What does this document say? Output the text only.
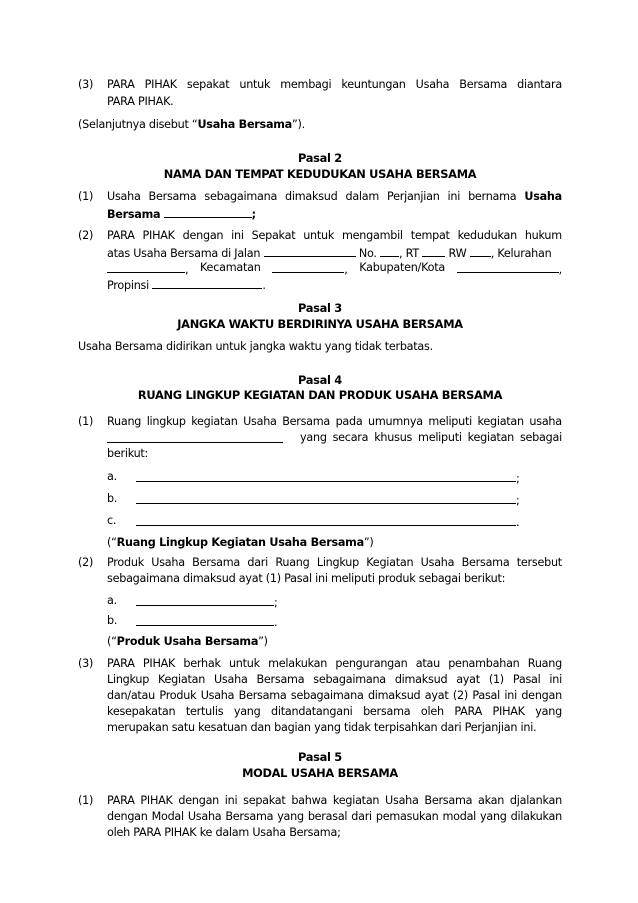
(3) PARA PIHAK sepakat untuk membagi keuntungan Usaha Bersama diantara
PARA PIHAK.
(Selanjutnya disebut “Usaha Bersama”).
Pasal 2
NAMA DAN TEMPAT KEDUDUKAN USAHA BERSAMA
(1) Usaha Bersama sebagaimana dimaksud dalam Perjanjian ini bernama Usaha
Bersama	;
(2) PARA PIHAK dengan ini Sepakat untuk mengambil tempat kedudukan hukum
atas Usaha Bersama di Jalan	No. , RT	RW , Kelurahan
, Kecamatan	, Kabupaten/Kota	,
Propinsi	.
Pasal 3
JANGKA WAKTU BERDIRINYA USAHA BERSAMA
Usaha Bersama didirikan untuk jangka waktu yang tidak terbatas.
Pasal 4
RUANG LINGKUP KEGIATAN DAN PRODUK USAHA BERSAMA
(1) Ruang lingkup kegiatan Usaha Bersama pada umumnya meliputi kegiatan usaha
yang secara khusus meliputi kegiatan sebagai
berikut:
a.	;
b.	;
c.	.
(“Ruang Lingkup Kegiatan Usaha Bersama”)
(2) Produk Usaha Bersama dari Ruang Lingkup Kegiatan Usaha Bersama tersebut
sebagaimana dimaksud ayat (1) Pasal ini meliputi produk sebagai berikut:
a.	;
b.	.
(“Produk Usaha Bersama”)
(3) PARA PIHAK berhak untuk melakukan pengurangan atau penambahan Ruang
Lingkup Kegiatan Usaha Bersama sebagaimana dimaksud ayat (1) Pasal ini
dan/atau Produk Usaha Bersama sebagaimana dimaksud ayat (2) Pasal ini dengan
kesepakatan tertulis yang ditandatangani bersama oleh PARA PIHAK yang
merupakan satu kesatuan dan bagian yang tidak terpisahkan dari Perjanjian ini.
Pasal 5
MODAL USAHA BERSAMA
(1) PARA PIHAK dengan ini sepakat bahwa kegiatan Usaha Bersama akan djalankan
dengan Modal Usaha Bersama yang berasal dari pemasukan modal yang dilakukan
oleh PARA PIHAK ke dalam Usaha Bersama;
